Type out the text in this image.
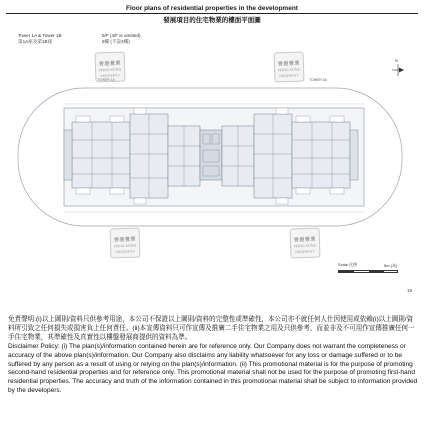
Floor plans of residential properties in the development
發展項目的住宅物業的樓面平面圖
Tower 1A & Tower 1B
第1A座及第1B座
5/F (4/F is omitted)
5樓 (不設4樓)
N
TOWER 1A	TOWER 1B
香港置業
HONG KONG PROPERTY
香港置業
HONG KONG PROPERTY
香港置業
HONG KONG PROPERTY
香港置業
HONG KONG PROPERTY
Scale 比例	5m (米)
19

免責聲明:(i)以上圖則/資料只供參考用途，本公司不保證以上圖則/資料的完整性或準確性，本公司亦不就任何人仕因使用或依賴(i)以上圖則/資料所引致之任何損失或損害負上任何責任。(ii)本宣傳資料只可作宣傳及推廣二手住宅物業之用及只供參考，而並非及不可用作宣傳推廣任何一手住宅物業，其準確性及真實性以樓盤發展商提供的資料為準。

Disclaimer Policy: (i) The plan(s)/information contained herein are for reference only. Our Company does not warrant the completeness or accuracy of the above plan(s)/information. Our Company also disclaims any liability whatsoever for any loss or damage suffered or to be suffered by any person as a result of using or relying on the plan(s)/information. (ii) This promotional material is for the purpose of promoting second-hand residential properties and for reference only. This promotional material shall not be used for the purpose of promoting first-hand residential properties. The accuracy and truth of the information contained in this promotional material shall be subject to information provided by the developers.
